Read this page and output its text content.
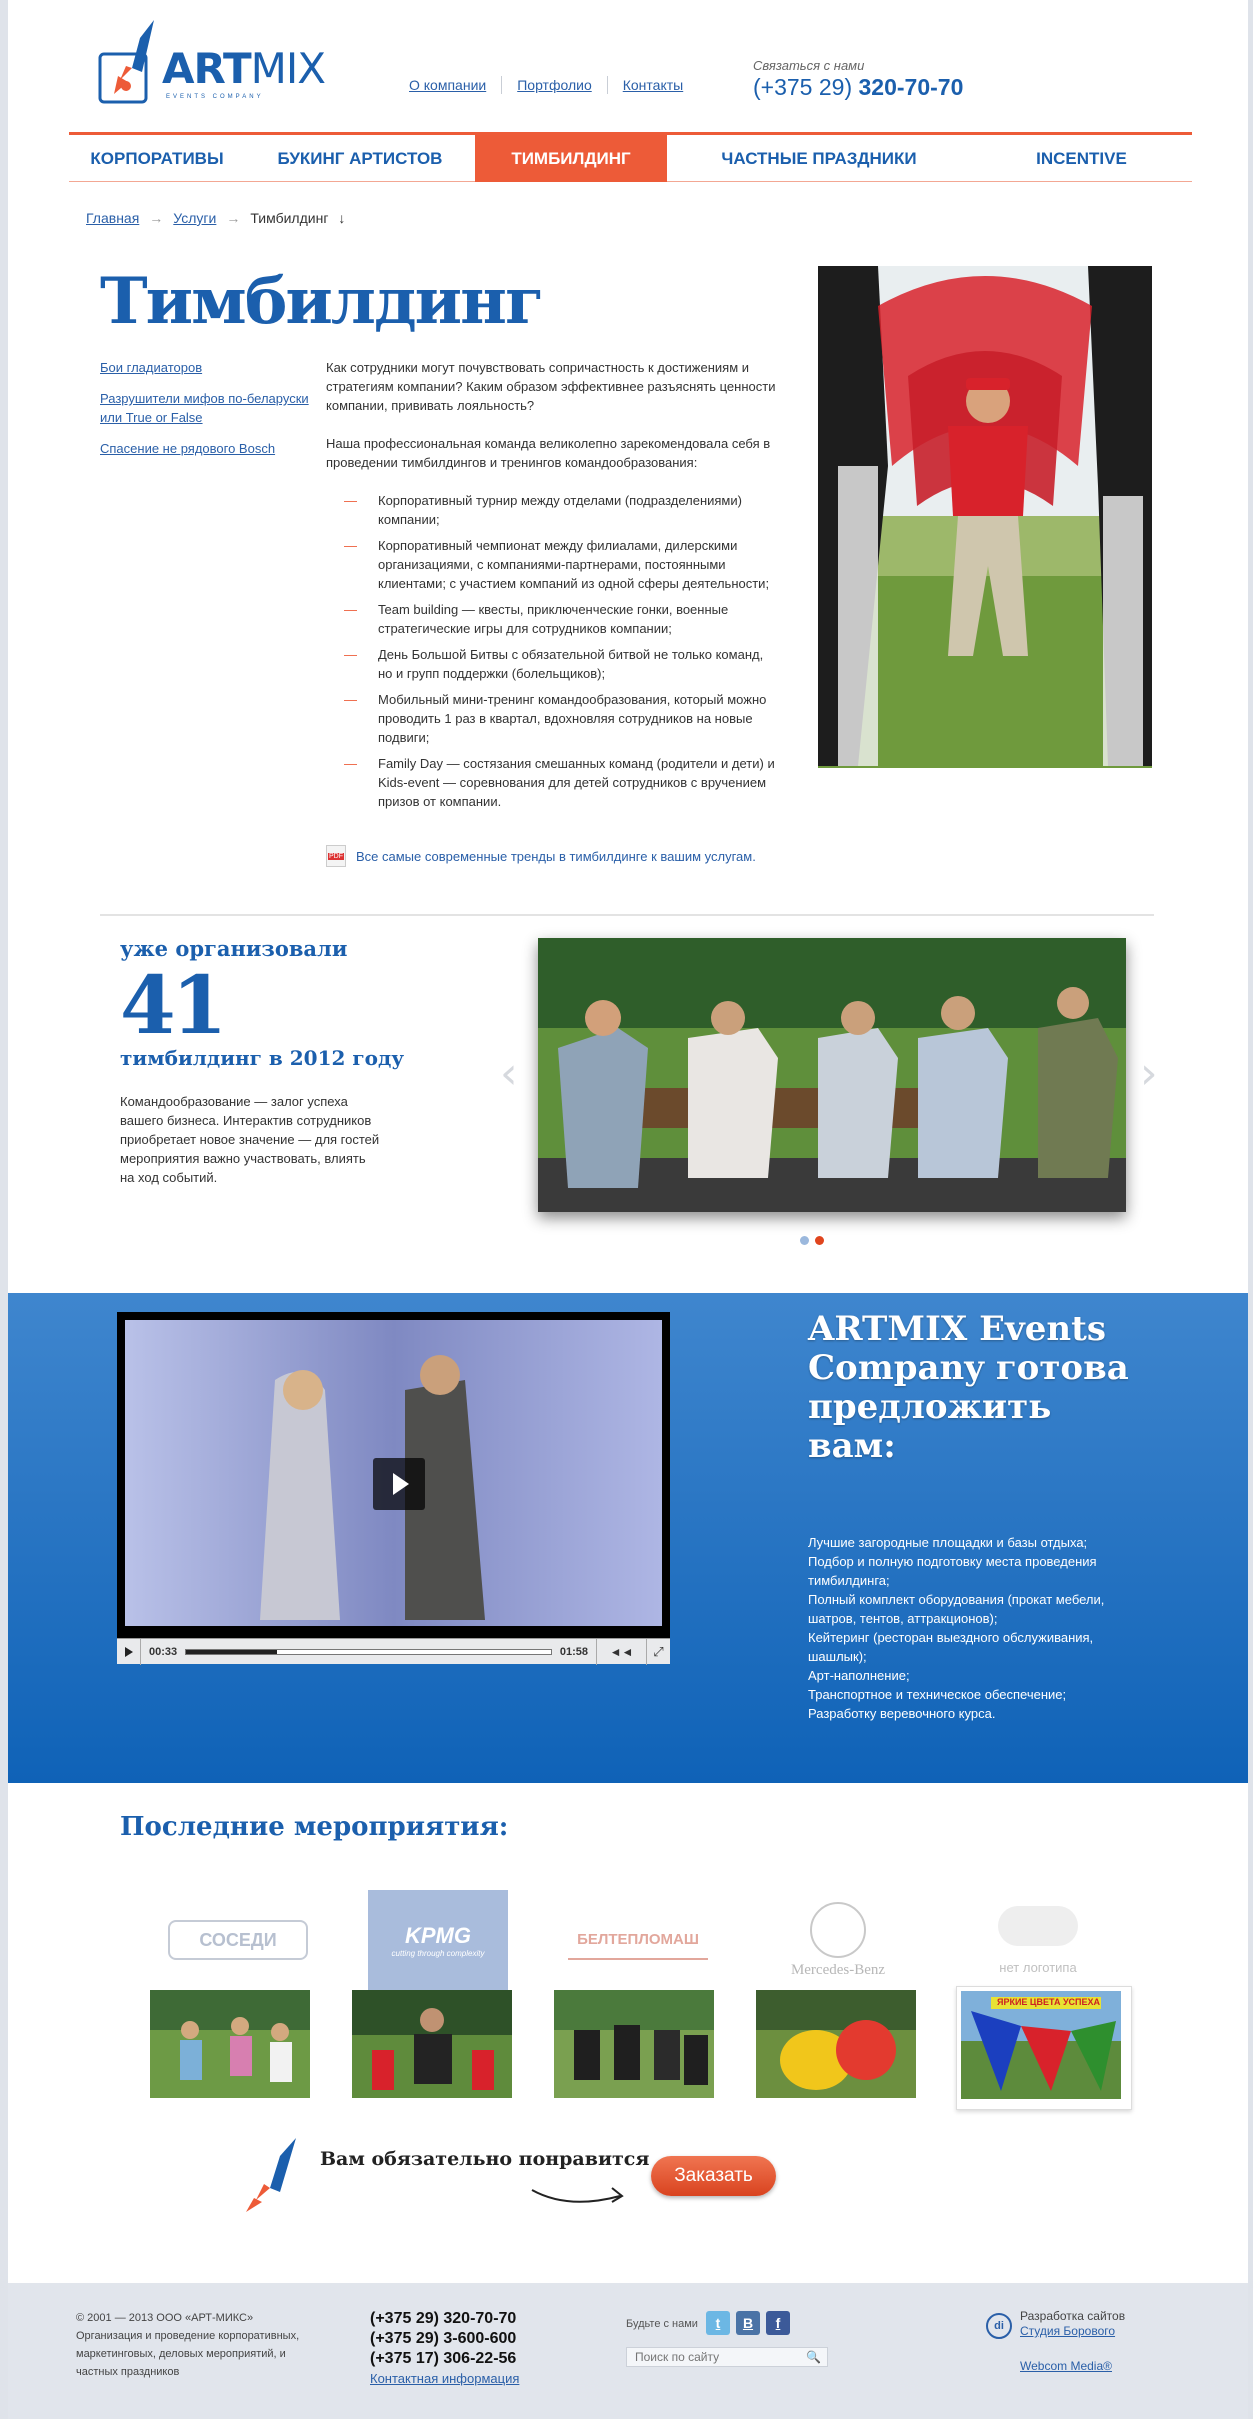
ARTMIX
EVENTS COMPANY
О компании	Портфолио	Контакты
Связаться с нами
(+375 29) 320-70-70
КОРПОРАТИВЫ	БУКИНГ АРТИСТОВ	ТИМБИЛДИНГ	ЧАСТНЫЕ ПРАЗДНИКИ	INCENTIVE
Главная → Услуги → Тимбилдинг ↓
Тимбилдинг
Бои гладиаторов
Разрушители мифов по-беларуски или True or False
Спасение не рядового Bosch

Как сотрудники могут почувствовать сопричастность к достижениям и стратегиям компании? Каким образом эффективнее разъяснять ценности компании, прививать лояльность?

Наша профессиональная команда великолепно зарекомендовала себя в проведении тимбилдингов и тренингов командообразования:

— Корпоративный турнир между отделами (подразделениями) компании;
— Корпоративный чемпионат между филиалами, дилерскими организациями, с компаниями-партнерами, постоянными клиентами; с участием компаний из одной сферы деятельности;
— Team building — квесты, приключенческие гонки, военные стратегические игры для сотрудников компании;
— День Большой Битвы с обязательной битвой не только команд, но и групп поддержки (болельщиков);
— Мобильный мини-тренинг командообразования, который можно проводить 1 раз в квартал, вдохновляя сотрудников на новые подвиги;
— Family Day — состязания смешанных команд (родители и дети) и Kids-event — соревнования для детей сотрудников с вручением призов от компании.
PDF
Все самые современные тренды в тимбилдинге к вашим услугам.
уже организовали
41
тимбилдинг в 2012 году
Командообразование — залог успеха вашего бизнеса. Интерактив сотрудников приобретает новое значение — для гостей мероприятия важно участвовать, влиять на ход событий.
‹	›
00:33	01:58	◄◄	⤢
ARTMIX Events Company готова предложить вам:
Лучшие загородные площадки и базы отдыха;
Подбор и полную подготовку места проведения тимбилдинга;
Полный комплект оборудования (прокат мебели, шатров, тентов, аттракционов);
Кейтеринг (ресторан выездного обслуживания, шашлык);
Арт-наполнение;
Транспортное и техническое обеспечение;
Разработку веревочного курса.
Последние мероприятия:
СОСЕДИ	KPMG
cutting through complexity
БЕЛТЕПЛОМАШ
Mercedes-Benz	нет логотипа
ЯРКИЕ ЦВЕТА УСПЕХА
Вам обязательно понравится
Заказать
© 2001 — 2013 ООО «АРТ-МИКС»
Организация и проведение корпоративных, маркетинговых, деловых мероприятий, и частных праздников
(+375 29) 320-70-70
(+375 29) 3-600-600
(+375 17) 306-22-56
Контактная информация
Будьте с нами	t	B	f
Поиск по сайту
🔍
di
Разработка сайтов
Студия Борового
Webcom Media®
